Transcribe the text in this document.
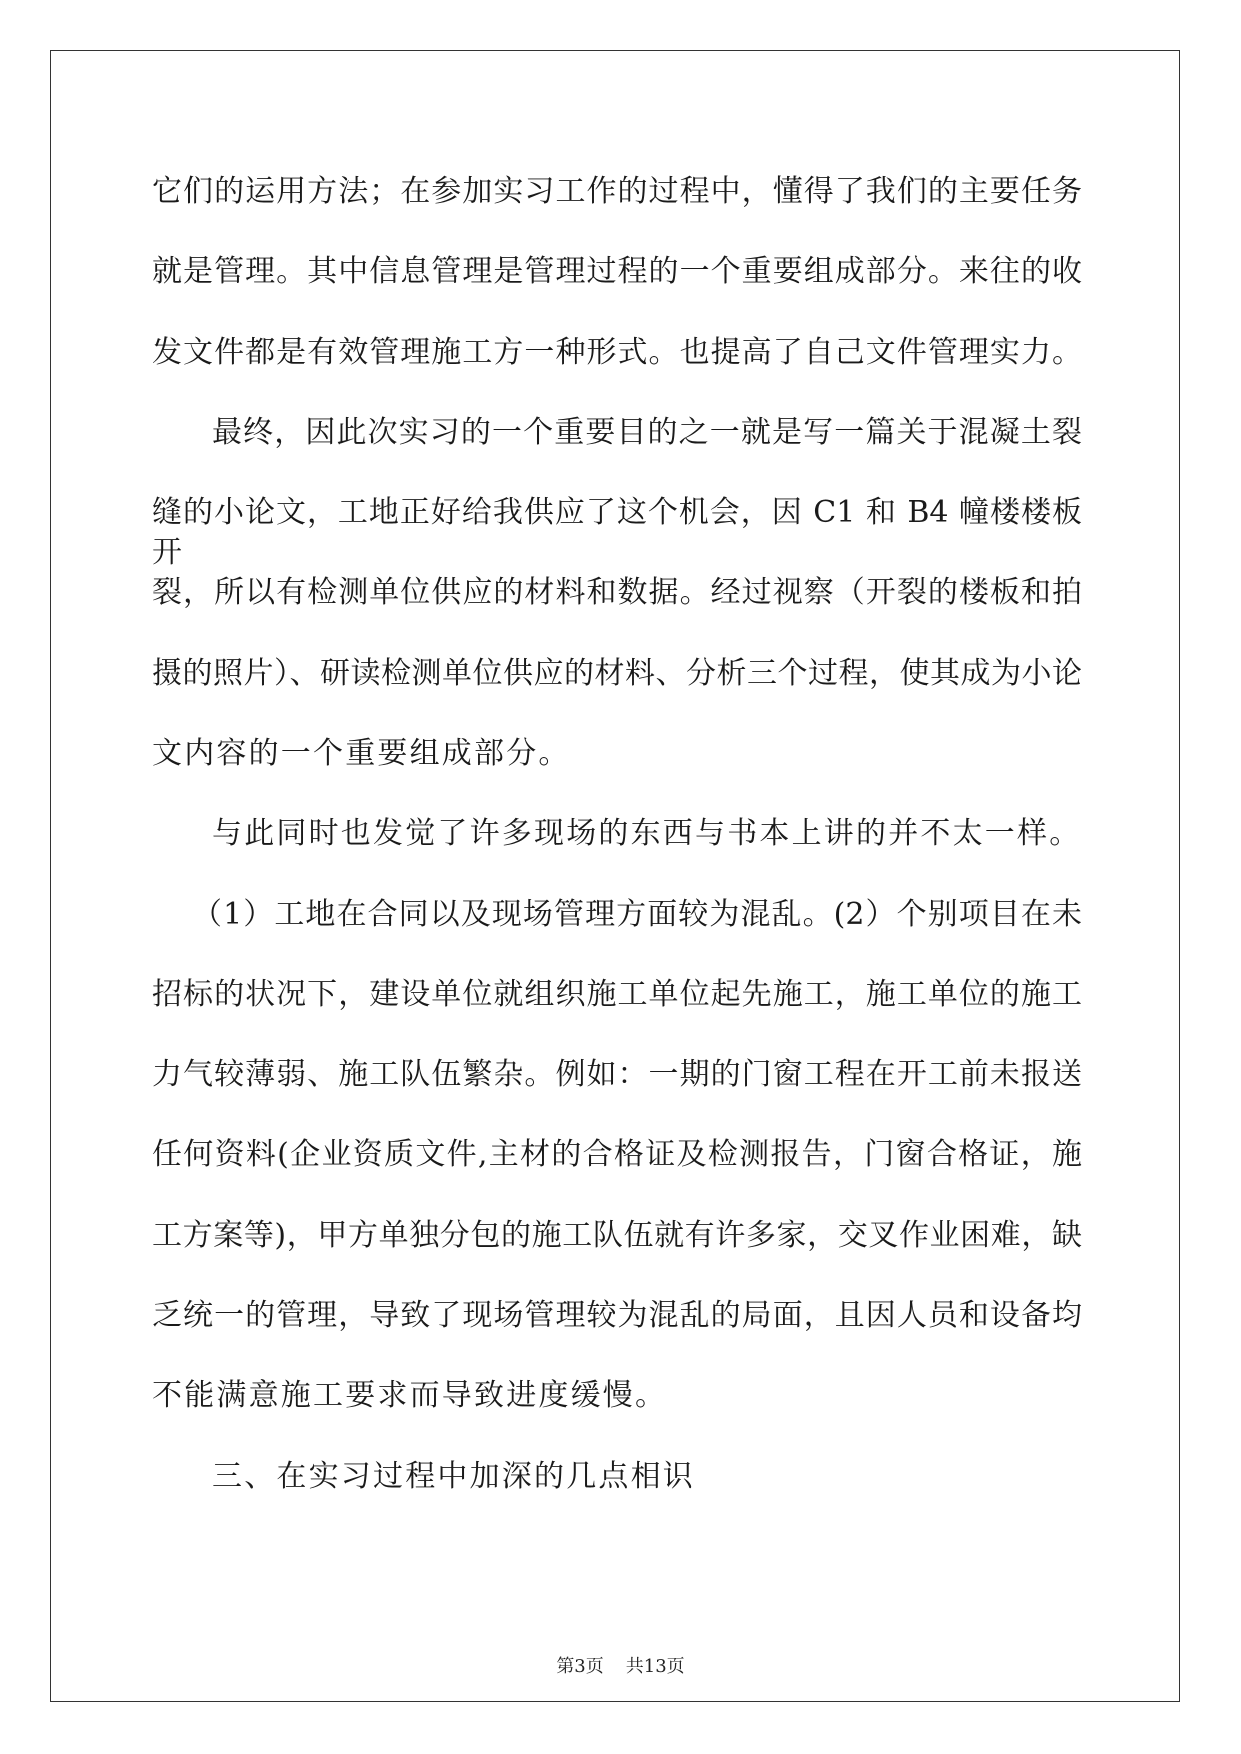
它们的运用方法；在参加实习工作的过程中，懂得了我们的主要任务
就是管理。其中信息管理是管理过程的一个重要组成部分。来往的收
发文件都是有效管理施工方一种形式。也提高了自己文件管理实力。
最终，因此次实习的一个重要目的之一就是写一篇关于混凝土裂
缝的小论文，工地正好给我供应了这个机会，因 C1 和 B4 幢楼楼板开
裂，所以有检测单位供应的材料和数据。经过视察（开裂的楼板和拍
摄的照片）、研读检测单位供应的材料、分析三个过程，使其成为小论
文内容的一个重要组成部分。
与此同时也发觉了许多现场的东西与书本上讲的并不太一样。
（1）工地在合同以及现场管理方面较为混乱。(2）个别项目在未
招标的状况下，建设单位就组织施工单位起先施工，施工单位的施工
力气较薄弱、施工队伍繁杂。例如：一期的门窗工程在开工前未报送
任何资料(企业资质文件,主材的合格证及检测报告，门窗合格证，施
工方案等)，甲方单独分包的施工队伍就有许多家，交叉作业困难，缺
乏统一的管理，导致了现场管理较为混乱的局面，且因人员和设备均
不能满意施工要求而导致进度缓慢。
三、在实习过程中加深的几点相识
第3页 共13页
